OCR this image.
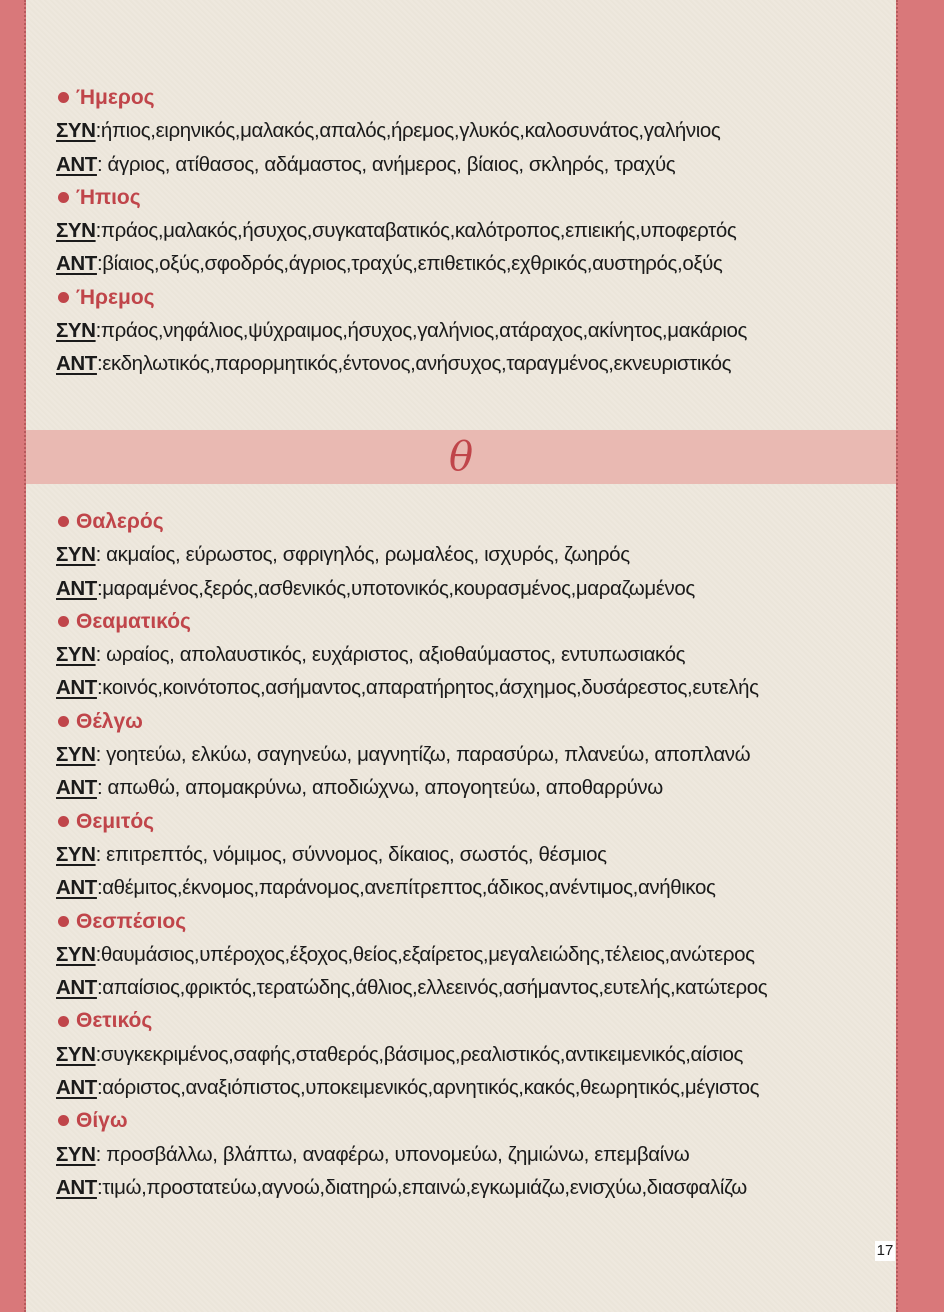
Ήμερος
ΣΥΝ:ήπιος,ειρηνικός,μαλακός,απαλός,ήρεμος,γλυκός,καλοσυνάτος,γαλήνιος
ΑΝΤ: άγριος, ατίθασος, αδάμαστος, ανήμερος, βίαιος, σκληρός, τραχύς
Ήπιος
ΣΥΝ:πράος,μαλακός,ήσυχος,συγκαταβατικός,καλότροπος,επιεικής,υποφερτός
ΑΝΤ:βίαιος,οξύς,σφοδρός,άγριος,τραχύς,επιθετικός,εχθρικός,αυστηρός,οξύς
Ήρεμος
ΣΥΝ:πράος,νηφάλιος,ψύχραιμος,ήσυχος,γαλήνιος,ατάραχος,ακίνητος,μακάριος
ΑΝΤ:εκδηλωτικός,παρορμητικός,έντονος,ανήσυχος,ταραγμένος,εκνευριστικός
θ
Θαλερός
ΣΥΝ: ακμαίος, εύρωστος, σφριγηλός, ρωμαλέος, ισχυρός, ζωηρός
ΑΝΤ:μαραμένος,ξερός,ασθενικός,υποτονικός,κουρασμένος,μαραζωμένος
Θεαματικός
ΣΥΝ: ωραίος, απολαυστικός, ευχάριστος, αξιοθαύμαστος, εντυπωσιακός
ΑΝΤ:κοινός,κοινότοπος,ασήμαντος,απαρατήρητος,άσχημος,δυσάρεστος,ευτελής
Θέλγω
ΣΥΝ: γοητεύω, ελκύω, σαγηνεύω, μαγνητίζω, παρασύρω, πλανεύω, αποπλανώ
ΑΝΤ: απωθώ, απομακρύνω, αποδιώχνω, απογοητεύω, αποθαρρύνω
Θεμιτός
ΣΥΝ: επιτρεπτός, νόμιμος, σύννομος, δίκαιος, σωστός, θέσμιος
ΑΝΤ:αθέμιτος,έκνομος,παράνομος,ανεπίτρεπτος,άδικος,ανέντιμος,ανήθικος
Θεσπέσιος
ΣΥΝ:θαυμάσιος,υπέροχος,έξοχος,θείος,εξαίρετος,μεγαλειώδης,τέλειος,ανώτερος
ΑΝΤ:απαίσιος,φρικτός,τερατώδης,άθλιος,ελλεεινός,ασήμαντος,ευτελής,κατώτερος
Θετικός
ΣΥΝ:συγκεκριμένος,σαφής,σταθερός,βάσιμος,ρεαλιστικός,αντικειμενικός,αίσιος
ΑΝΤ:αόριστος,αναξιόπιστος,υποκειμενικός,αρνητικός,κακός,θεωρητικός,μέγιστος
Θίγω
ΣΥΝ: προσβάλλω, βλάπτω, αναφέρω, υπονομεύω, ζημιώνω, επεμβαίνω
ΑΝΤ:τιμώ,προστατεύω,αγνοώ,διατηρώ,επαινώ,εγκωμιάζω,ενισχύω,διασφαλίζω
17
